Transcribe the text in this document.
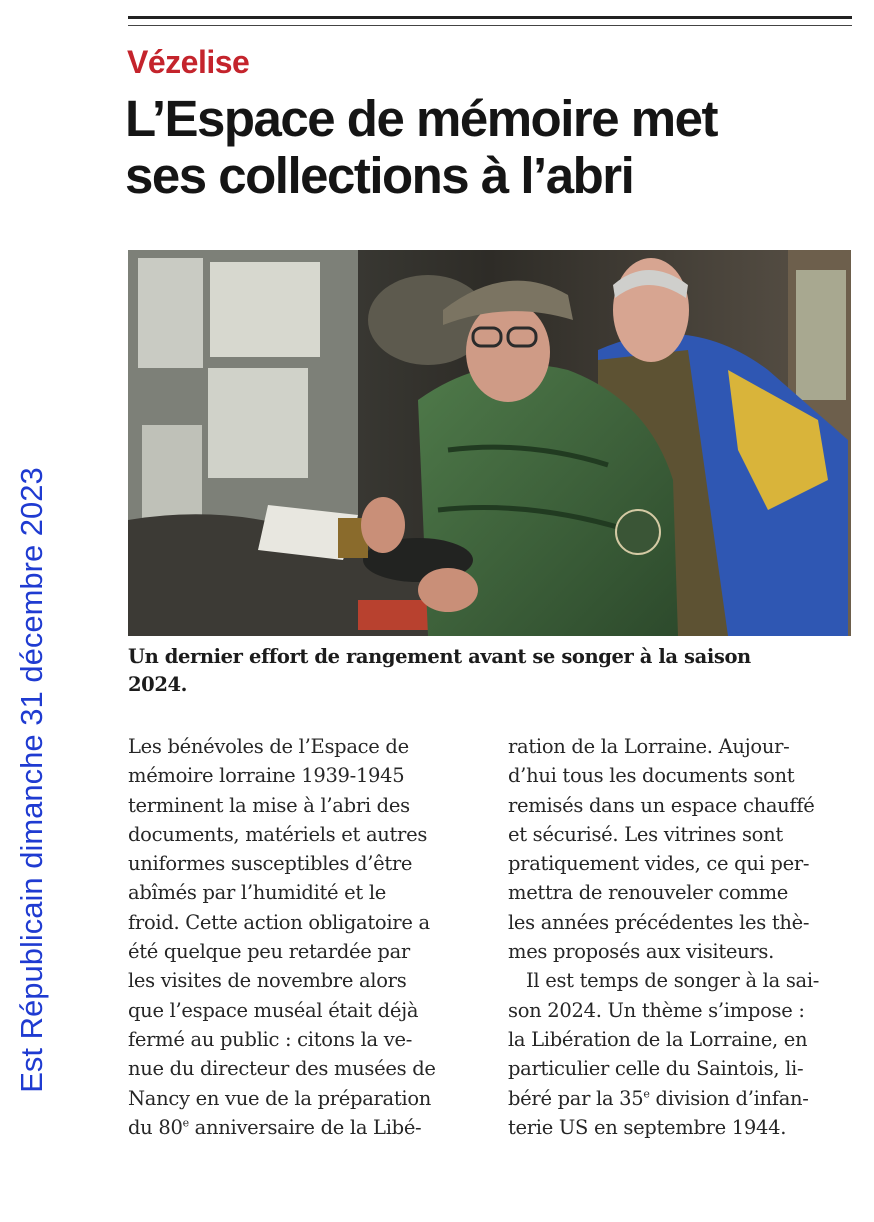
Est Républicain dimanche 31 décembre 2023
Vézelise
L’Espace de mémoire met
ses collections à l’abri
Un dernier effort de rangement avant se songer à la saison
2024.
Les bénévoles de l’Espace de
mémoire lorraine 1939-1945
terminent la mise à l’abri des
documents, matériels et autres
uniformes susceptibles d’être
abîmés par l’humidité et le
froid. Cette action obligatoire a
été quelque peu retardée par
les visites de novembre alors
que l’espace muséal était déjà
fermé au public : citons la ve-
nue du directeur des musées de
Nancy en vue de la préparation
du 80e anniversaire de la Libé-
ration de la Lorraine. Aujour-
d’hui tous les documents sont
remisés dans un espace chauffé
et sécurisé. Les vitrines sont
pratiquement vides, ce qui per-
mettra de renouveler comme
les années précédentes les thè-
mes proposés aux visiteurs.
Il est temps de songer à la sai-
son 2024. Un thème s’impose :
la Libération de la Lorraine, en
particulier celle du Saintois, li-
béré par la 35e division d’infan-
terie US en septembre 1944.
